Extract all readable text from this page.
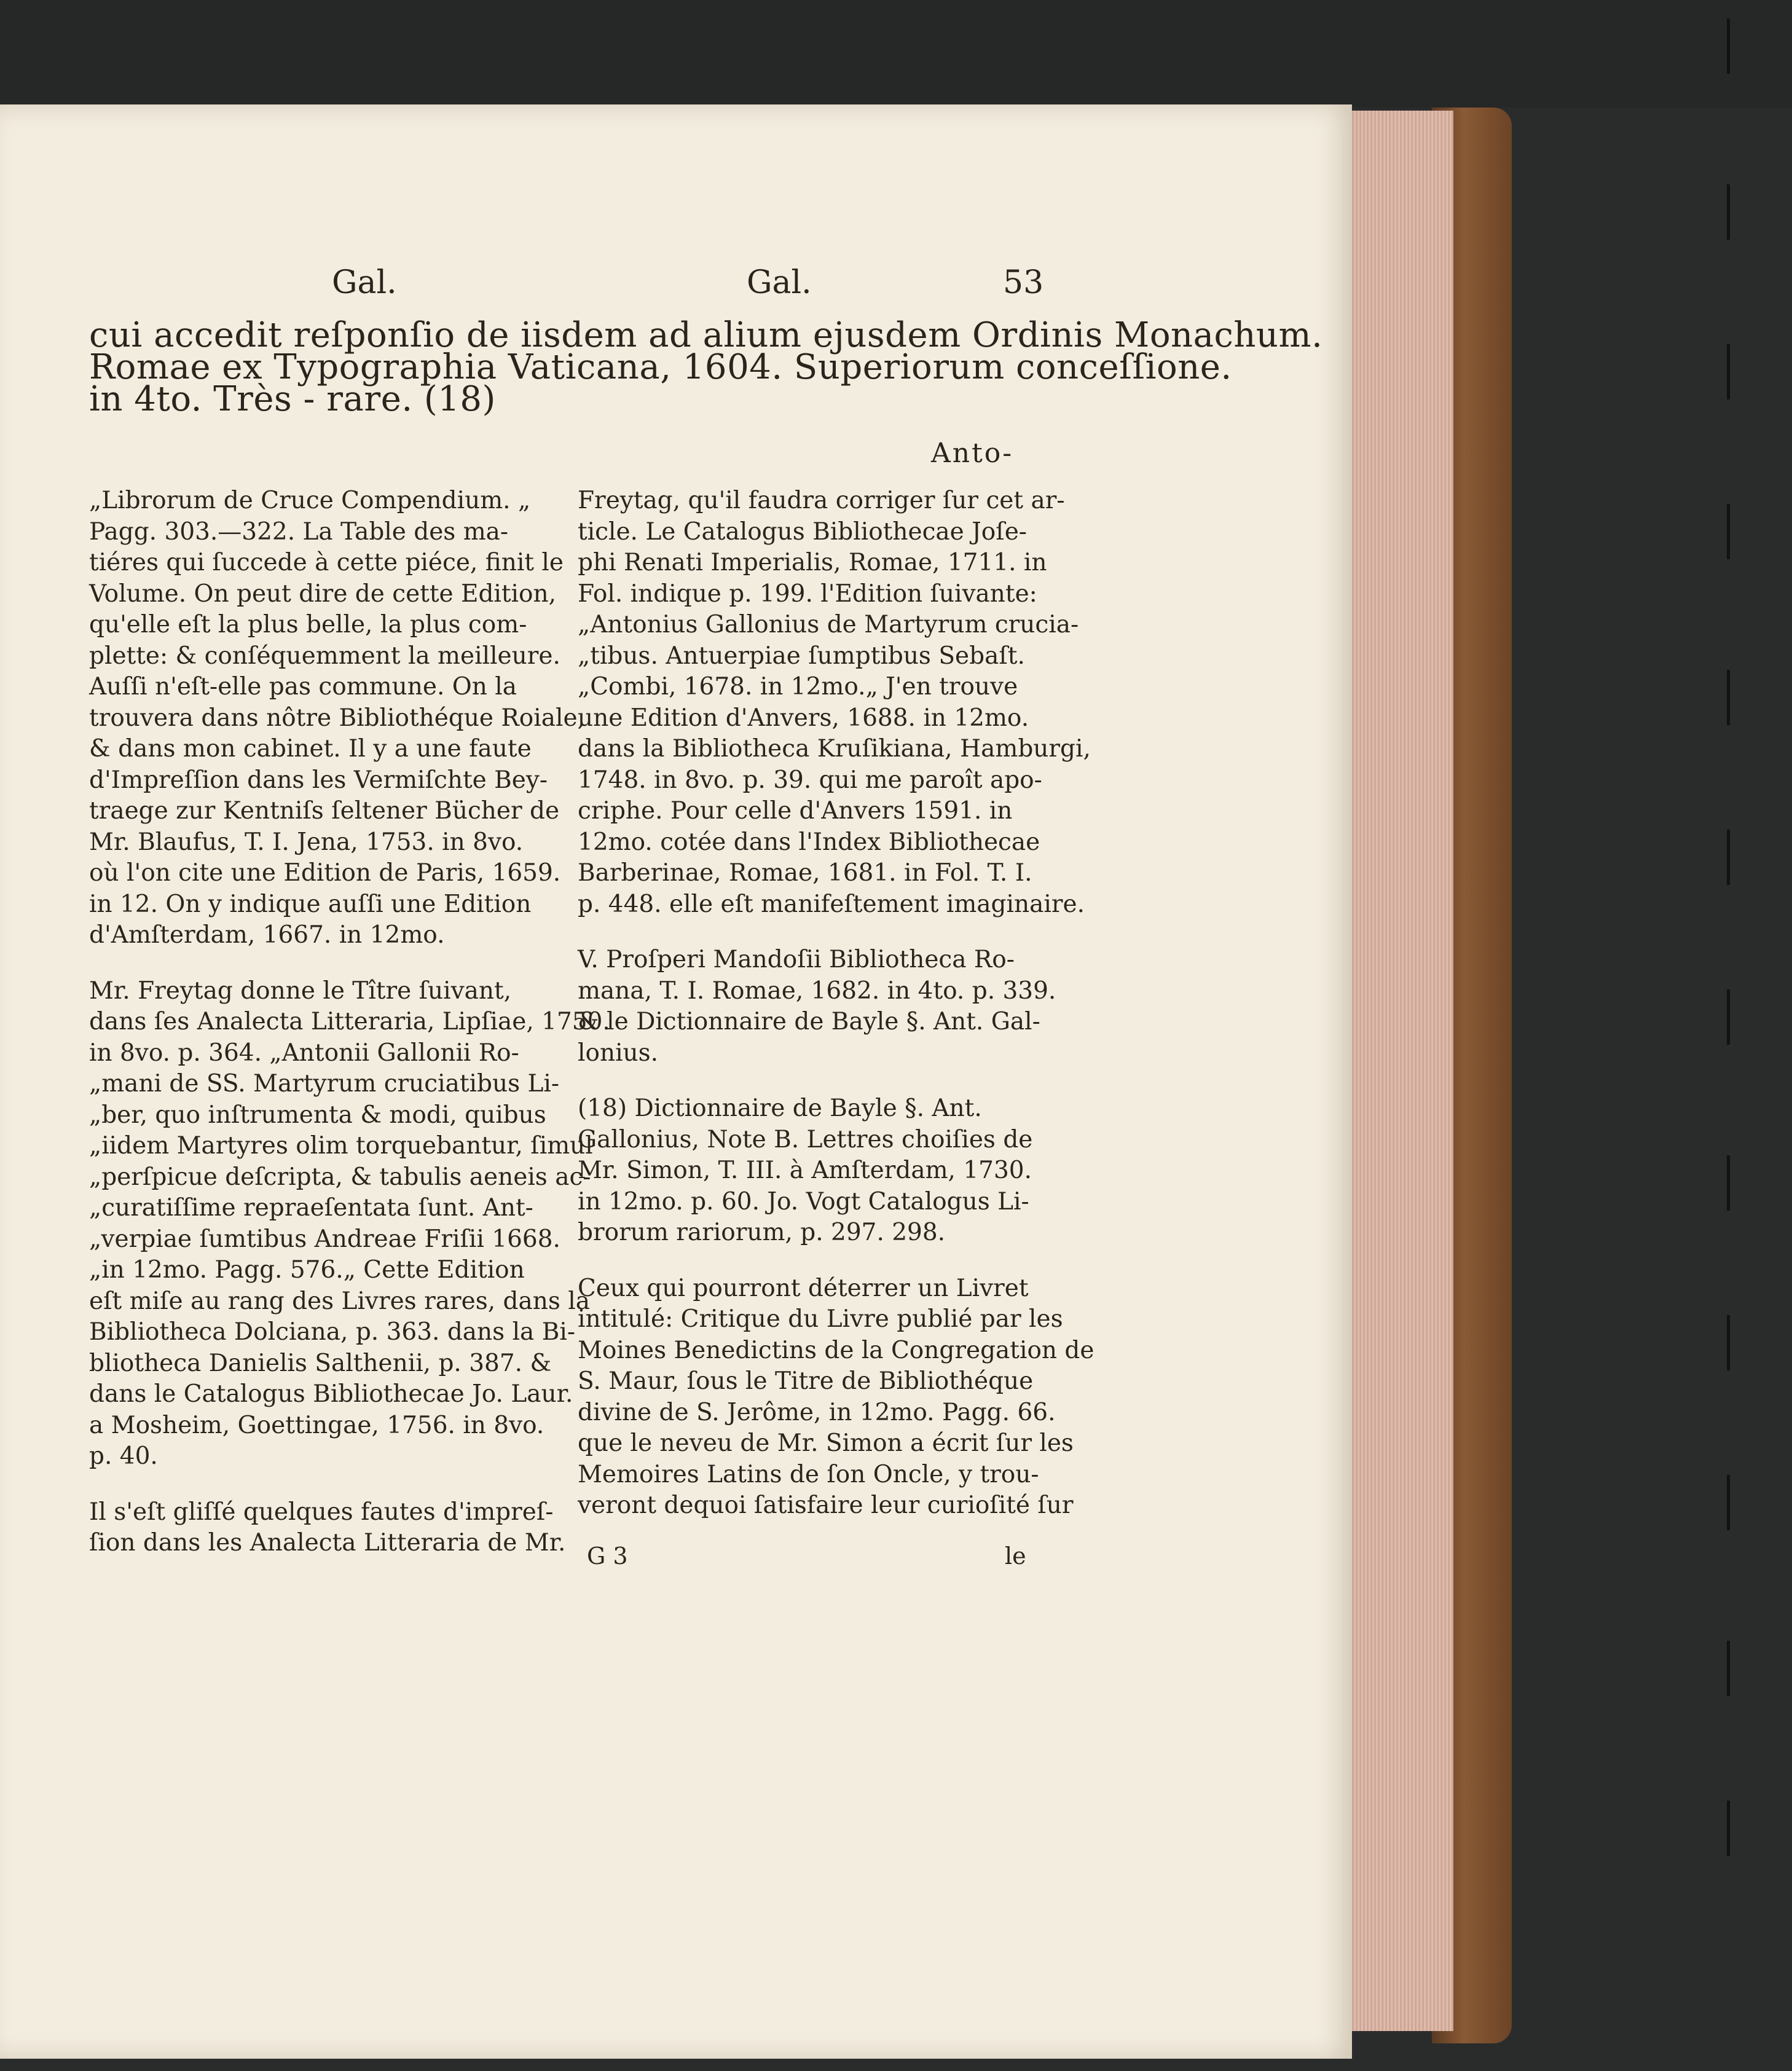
Gal.	Gal.	53
cui accedit reſponſio de iisdem ad alium ejusdem Ordinis Monachum.
Romae ex Typographia Vaticana, 1604. Superiorum conceſſione.
in 4to. Très - rare. (18)
Anto-
„Librorum de Cruce Compendium. „
Pagg. 303.—322. La Table des ma-
tiéres qui ſuccede à cette piéce, finit le
Volume. On peut dire de cette Edition,
qu'elle eſt la plus belle, la plus com-
plette: & conſéquemment la meilleure.
Auſſi n'eſt-elle pas commune. On la
trouvera dans nôtre Bibliothéque Roiale,
& dans mon cabinet. Il y a une faute
d'Impreſſion dans les Vermiſchte Bey-
traege zur Kentniſs ſeltener Bücher de
Mr. Blaufus, T. I. Jena, 1753. in 8vo.
où l'on cite une Edition de Paris, 1659.
in 12. On y indique auſſi une Edition
d'Amſterdam, 1667. in 12mo.
Mr. Freytag donne le Tître ſuivant,
dans ſes Analecta Litteraria, Lipſiae, 1750.
in 8vo. p. 364. „Antonii Gallonii Ro-
„mani de SS. Martyrum cruciatibus Li-
„ber, quo inſtrumenta & modi, quibus
„iidem Martyres olim torquebantur, ſimul
„perſpicue deſcripta, & tabulis aeneis ac-
„curatiſſime repraeſentata ſunt. Ant-
„verpiae ſumtibus Andreae Friſii 1668.
„in 12mo. Pagg. 576.„ Cette Edition
eſt miſe au rang des Livres rares, dans la
Bibliotheca Dolciana, p. 363. dans la Bi-
bliotheca Danielis Salthenii, p. 387. &
dans le Catalogus Bibliothecae Jo. Laur.
a Mosheim, Goettingae, 1756. in 8vo.
p. 40.
Il s'eſt gliſſé quelques fautes d'impreſ-
ſion dans les Analecta Litteraria de Mr.
Freytag, qu'il faudra corriger ſur cet ar-
ticle. Le Catalogus Bibliothecae Joſe-
phi Renati Imperialis, Romae, 1711. in
Fol. indique p. 199. l'Edition ſuivante:
„Antonius Gallonius de Martyrum crucia-
„tibus. Antuerpiae ſumptibus Sebaſt.
„Combi, 1678. in 12mo.„ J'en trouve
une Edition d'Anvers, 1688. in 12mo.
dans la Bibliotheca Kruſikiana, Hamburgi,
1748. in 8vo. p. 39. qui me paroît apo-
criphe. Pour celle d'Anvers 1591. in
12mo. cotée dans l'Index Bibliothecae
Barberinae, Romae, 1681. in Fol. T. I.
p. 448. elle eſt manifeſtement imaginaire.
V. Proſperi Mandoſii Bibliotheca Ro-
mana, T. I. Romae, 1682. in 4to. p. 339.
& le Dictionnaire de Bayle §. Ant. Gal-
lonius.
(18) Dictionnaire de Bayle §. Ant.
Gallonius, Note B. Lettres choiſies de
Mr. Simon, T. III. à Amſterdam, 1730.
in 12mo. p. 60. Jo. Vogt Catalogus Li-
brorum rariorum, p. 297. 298.
Ceux qui pourront déterrer un Livret
intitulé: Critique du Livre publié par les
Moines Benedictins de la Congregation de
S. Maur, ſous le Titre de Bibliothéque
divine de S. Jerôme, in 12mo. Pagg. 66.
que le neveu de Mr. Simon a écrit ſur les
Memoires Latins de ſon Oncle, y trou-
veront dequoi ſatisfaire leur curioſité ſur
G 3	le
